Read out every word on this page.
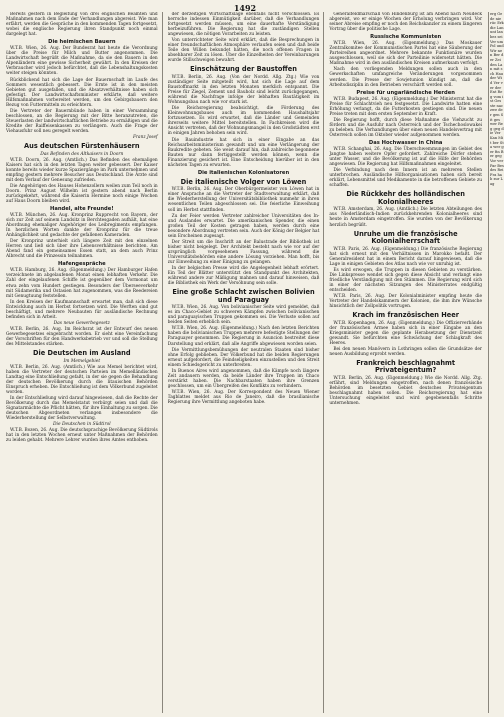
1492

Bereits gestern in Begleitung von drei englischen Beamten und Maßnahmen nach dem Ende der Verhandlungen abgereist. Wie man erfährt, werden die Gespräche in den kommenden Tagen fortgesetzt, wobei die englische Regierung ihren Standpunkt noch einmal dargelegt hat.

Die heimischen Bauern

W.T.B. Wien, 26. Aug. Der Bundesrat hat heute die Verordnung über die Preise für Milch und Butter angenommen. Die Landwirtschaft begrüßt die Maßnahme, da sie den Bauern in den Alpenländern eine gewisse Sicherheit gewährt. In den Kreisen der Verbraucher wird jedoch befürchtet, daß die Lebenshaltungskosten weiter steigen könnten.

Rückblickend hat sich die Lage der Bauernschaft im Laufe des Sommers wesentlich gebessert. Die Ernte ist in den meisten Gebieten gut ausgefallen, und die Absatzverhältnisse haben sich gefestigt. Der Landwirtschaftsminister erklärte, daß weitere Hilfsmaßnahmen vorbereitet werden, um den Gebirgsbauern den Bezug von Futtermitteln zu erleichtern.

Die Vertreter der Bauernbünde haben in einer Versammlung beschlossen, an die Regierung mit der Bitte heranzutreten, die Steuerlasten der landwirtschaftlichen Betriebe zu ermäßigen und die Kredite der Raiffeisenkassen zu verlängern. Auch die Frage der Viehausfuhr soll neu geregelt werden.

Franz Josef
Aus deutschen Fürstenhäusern
Das Befinden des Altkaisers in Doorn

W.T.B. Doorn, 26. Aug. (Amtlich.) Das Befinden des ehemaligen Kaisers hat sich in den letzten Tagen weiter gebessert. Der Kaiser konnte bereits wieder kurze Spaziergänge im Park unternehmen und empfing gestern mehrere Besucher aus Deutschland. Die Ärzte sind mit dem Verlauf der Genesung zufrieden.

Die Angehörigen des Hauses Hohenzollern weilen zum Teil noch in Doorn. Prinz August Wilhelm ist gestern abend nach Berlin zurückgekehrt, während die Kaiserin Hermine noch einige Wochen auf Haus Doorn bleiben wird.

Handel, alte Freunde!

W.T.B. München, 26. Aug. Kronprinz Rupprecht von Bayern, der sich zur Zeit auf seinem Landsitz in Berchtesgaden aufhält, hat eine Abordnung ehemaliger Angehöriger des Leibregiments empfangen. In herzlichen Worten dankte der Kronprinz für die treue Anhänglichkeit und gedachte der gefallenen Kameraden.

Der Kronprinz unterhielt sich längere Zeit mit den einzelnen Herren und ließ sich über ihre Lebensverhältnisse berichten. Am Abend fand ein gemeinsames Essen statt, an dem auch Prinz Albrecht und die Prinzessin teilnahmen.

Hafengespräche

W.T.B. Hamburg, 26. Aug. (Eigenmeldung.) Der Hamburger Hafen verzeichnete im abgelaufenen Monat einen lebhaften Verkehr. Die Zahl der eingelaufenen Schiffe ist gegenüber dem Vormonat um etwa zehn vom Hundert gestiegen. Besonders der Überseeverkehr mit Südamerika und Ostasien hat zugenommen, was die Reedereien mit Genugtuung feststellen.

In den Kreisen der Kaufmannschaft erwartet man, daß sich diese Entwicklung auch im Herbst fortsetzen wird. Die Werften sind gut beschäftigt, und mehrere Neubauten für ausländische Rechnung befinden sich in Arbeit.

Das neue Gewerbegesetz

W.T.B. Berlin, 26. Aug. Im Reichsrat ist der Entwurf des neuen Gewerbegesetzes eingebracht worden. Er sieht eine Vereinfachung der Vorschriften für den Handwerksbetrieb vor und soll die Stellung des Mittelstandes stärken.

Die Deutschen im Ausland
Im Memelgebiet

W.T.B. Berlin, 26. Aug. (Amtlich.) Wie aus Memel berichtet wird, haben die Vertreter der deutschen Parteien im Memelländischen Landtag eine Entschließung gefaßt, in der sie gegen die Behandlung der deutschen Bevölkerung durch die litauischen Behörden Einspruch erheben. Die Entschließung ist dem Völkerbund zugeleitet worden.

In der Entschließung wird darauf hingewiesen, daß die Rechte der Bevölkerung durch das Memelstatut verbürgt seien und daß die Signatarmächte die Pflicht hätten, für ihre Einhaltung zu sorgen. Die deutschen Abgeordneten verlangen insbesondere die Wiederherstellung der Selbstverwaltung.

Die Deutschen in Südtirol

W.T.B. Bozen, 26. Aug. Die deutschsprachige Bevölkerung Südtirols hat in den letzten Wochen erneut unter Maßnahmen der Behörden zu leiden gehabt. Mehrere Lehrer wurden ihres Amtes enthoben.

der derzeitigen Wirtschaftslage ebenfalls nicht verschlossen. Es herrsche indessen Einmütigkeit darüber, daß die Verhandlungen fortgesetzt werden müssen, um eine dauerhafte Verständigung herbeizuführen. Die Regierung hat die zuständigen Stellen angewiesen, die nötigen Vorarbeiten zu leisten.

Von unterrichteter Seite wird erklärt, daß die Besprechungen in einer freundschaftlichen Atmosphäre verlaufen seien und daß beide Teile den Willen bekundet hätten, die noch offenen Fragen in absehbarer Zeit zu lösen. Über die Einzelheiten der Vereinbarungen wurde Stillschweigen bewahrt.

Einschätzung der Baustoffen

W.T.B. Berlin, 26. Aug. (Von der Nordd. Allg. Ztg.) Wie von zuständiger Seite mitgeteilt wird, hat sich die Lage auf dem Baustoffmarkt in den letzten Monaten merklich entspannt. Die Preise für Ziegel, Zement und Bauholz sind leicht zurückgegangen, während die Nachfrage infolge der lebhaften Bautätigkeit im Wohnungsbau nach wie vor stark ist.

Die Reichsregierung beabsichtigt, die Förderung des Kleinwohnungsbaues auch im kommenden Haushaltsjahr fortzusetzen. Es wird erwartet, daß die Länder und Gemeinden ihrerseits weitere Mittel bereitstellen. In Fachkreisen wird die Ansicht vertreten, daß der Wohnungsmangel in den Großstädten erst in einigen Jahren behoben sein wird.

Die Bauindustrie hat sich in einer Eingabe an das Reichsarbeitsministerium gewandt und um eine Verlängerung der Baukredite gebeten. Sie weist darauf hin, daß zahlreiche begonnene Bauten nur dann fertiggestellt werden können, wenn die Finanzierung gesichert ist. Eine Entscheidung hierüber ist in den nächsten Tagen zu erwarten.

Die italienischen Kolonisatoren
Die italienische Volger von Löwen

W.T.B. Berlin, 26. Aug. Der Oberbürgermeister von Löwen hat in einer Ansprache an die Vertreter der Stadtverwaltung erklärt, daß die Wiederherstellung der Universitätsbibliothek nunmehr in ihren wesentlichen Teilen abgeschlossen sei. Die feierliche Einweihung soll im Herbst stattfinden.

Zu der Feier werden Vertreter zahlreicher Universitäten des In- und Auslandes erwartet. Die amerikanischen Spender, die einen großen Teil der Kosten getragen haben, werden durch eine besondere Abordnung vertreten sein. Auch der König der Belgier hat sein Erscheinen zugesagt.

Der Streit um die Inschrift an der Balustrade der Bibliothek ist bisher nicht beigelegt. Der Architekt besteht nach wie vor auf der ursprünglich vorgesehenen Fassung, während die Universitätsbehörden eine andere Lösung vorziehen. Man hofft, bis zur Einweihung zu einer Einigung zu gelangen.

In der belgischen Presse wird die Angelegenheit lebhaft erörtert. Ein Teil der Blätter unterstützt den Standpunkt des Architekten, während andere zur Mäßigung mahnen und darauf hinweisen, daß die Bibliothek ein Werk der Versöhnung sein solle.

Eine große Schlacht zwischen Bolivien und Paraguay

W.T.B. Wien, 26. Aug. Von bolivianischer Seite wird gemeldet, daß es im Chaco-Gebiet zu schweren Kämpfen zwischen bolivianischen und paraguayischen Truppen gekommen sei. Die Verluste sollen auf beiden Seiten erheblich sein.

W.T.B. Wien, 26. Aug. (Eigenmeldung.) Nach den letzten Berichten haben die bolivianischen Truppen mehrere befestigte Stellungen der Paraguayer genommen. Die Regierung in Asuncion bestreitet diese Darstellung und erklärt, daß alle Angriffe abgewiesen worden seien.

Die Vermittlungsbemühungen der neutralen Staaten sind bisher ohne Erfolg geblieben. Der Völkerbund hat die beiden Regierungen erneut aufgefordert, die Feindseligkeiten einzustellen und den Streit einem Schiedsgericht zu unterbreiten.

In Buenos Aires wird angenommen, daß die Kämpfe noch längere Zeit andauern werden, da beide Länder ihre Truppen im Chaco verstärkt haben. Die Nachbarstaaten haben ihre Grenzen geschlossen, um ein Übergreifen des Konflikts zu verhindern.

W.T.B. Wien, 26. Aug. Der Korrespondent des Neuen Wiener Tagblattes meldet aus Rio de Janeiro, daß die brasilianische Regierung ihre Vermittlung angeboten habe.

Generalfeldmarschall von Hindenburg ist am Abend nach Neudeck abgereist, wo er einige Wochen der Erholung verbringen wird. Vor seiner Abreise empfing er noch den Reichskanzler zu einem längeren Vortrag über die politische Lage.

Russische Kommunisten

W.T.B. Wien, 26. Aug. (Eigenmeldung.) Das Moskauer Zentralkomitee der Kommunistischen Partei hat eine Säuberung der Parteireihen angeordnet. Mehrere bekannte Funktionäre wurden ausgeschlossen, weil sie sich der Parteilinie widersetzt hätten. Die Maßnahme wird in den ausländischen Kreisen aufmerksam verfolgt.

Nach den vorliegenden Meldungen sollen auch in den Gewerkschaften umfangreiche Veränderungen vorgenommen werden. Die Presse der Sowjetunion kündigt an, daß die Arbeitsdisziplin in den Betrieben verschärft werden soll.

Preise für ungarländische Herden

W.T.B. Budapest, 26. Aug. (Eigenmeldung.) Der Ministerrat hat die Preise für Schlachtvieh neu festgesetzt. Die Landwirte hatten eine Erhöhung verlangt, da die Futterkosten gestiegen sind. Die neuen Preise treten mit dem ersten September in Kraft.

Die Regierung hofft, durch diese Maßnahme die Viehzucht zu fördern und die Ausfuhr nach Österreich und der Tschechoslowakei zu beleben. Die Verhandlungen über einen neuen Handelsvertrag mit Österreich sollen im Oktober wieder aufgenommen werden.

Das Hochwasser in China

W.T.B. Schanghai, 26. Aug. Die Überschwemmungen im Gebiet des Jangtse haben weitere Opfer gefordert. Zahlreiche Dörfer stehen unter Wasser, und die Bevölkerung ist auf die Hilfe der Behörden angewiesen. Die Regierung hat Hilfsmaßnahmen eingeleitet.

Die Verbindung nach dem Innern ist an mehreren Stellen unterbrochen. Ausländische Hilfsorganisationen haben sich bereit erklärt, Lebensmittel und Medikamente in die betroffenen Gebiete zu schaffen.

Die Rückkehr des holländischen Kolonialheeres

W.T.B. Amsterdam, 26. Aug. (Amtlich.) Die letzten Abteilungen des aus Niederländisch-Indien zurückkehrenden Kolonialheeres sind heute in Amsterdam eingetroffen. Sie wurden von der Bevölkerung herzlich begrüßt.

Unruhe um die französische Kolonialherrschaft

W.T.B. Paris, 26. Aug. (Eigenmeldung.) Die französische Regierung hat sich erneut mit den Verhältnissen in Marokko befaßt. Der Generalresident hat in einem Bericht darauf hingewiesen, daß die Lage in einigen Gebieten des Atlas nach wie vor unruhig ist.

Es wird erwogen, die Truppen in diesen Gebieten zu verstärken. Die Linkspresse wendet sich gegen diese Absicht und verlangt eine friedliche Verständigung mit den Stämmen. Die Regierung wird sich in einer der nächsten Sitzungen des Ministerrates endgültig entscheiden.

W.T.B. Paris, 26. Aug. Der Kolonialminister empfing heute die Vertreter der Handelskammern der Kolonien, die ihm ihre Wünsche hinsichtlich der Zollpolitik vortrugen.

Krach im französischen Heer

W.T.B. Kopenhagen, 26. Aug. (Eigenmeldung.) Die Offizierverbände der französischen Armee haben sich in einer Eingabe an den Kriegsminister gegen die geplante Herabsetzung der Dienstzeit gewandt. Sie befürchten eine Schwächung der Schlagkraft des Heeres.

Bei den neuen Manövern in Lothringen sollen die Grundsätze der neuen Ausbildung erprobt werden.

Frankreich beschlagnahmt Privateigentum?

W.T.B. Berlin, 26. Aug. (Eigenmeldung.) Wie die Nordd. Allg. Ztg. erfährt, sind Meldungen eingetroffen, nach denen französische Behörden im besetzten Gebiet deutsches Privateigentum beschlagnahmt haben sollen. Die Reichsregierung hat eine Untersuchung eingeleitet und wird gegebenenfalls Schritte unternehmen.

erg Ge de nie rüc Erk die Lan unt lan bez sei Ver um Pol und Wir nen Ber der Zei den Lan mit sch Hau der Wid Ver ver der Ent Reg vom ist Ges ste nac zwe der gen Sit ges wer Reg geg die Ver Kan Mit ber Sta wer ger fin Ber geg Vor ver Par Bes des Rei Fra hab zur Lag
